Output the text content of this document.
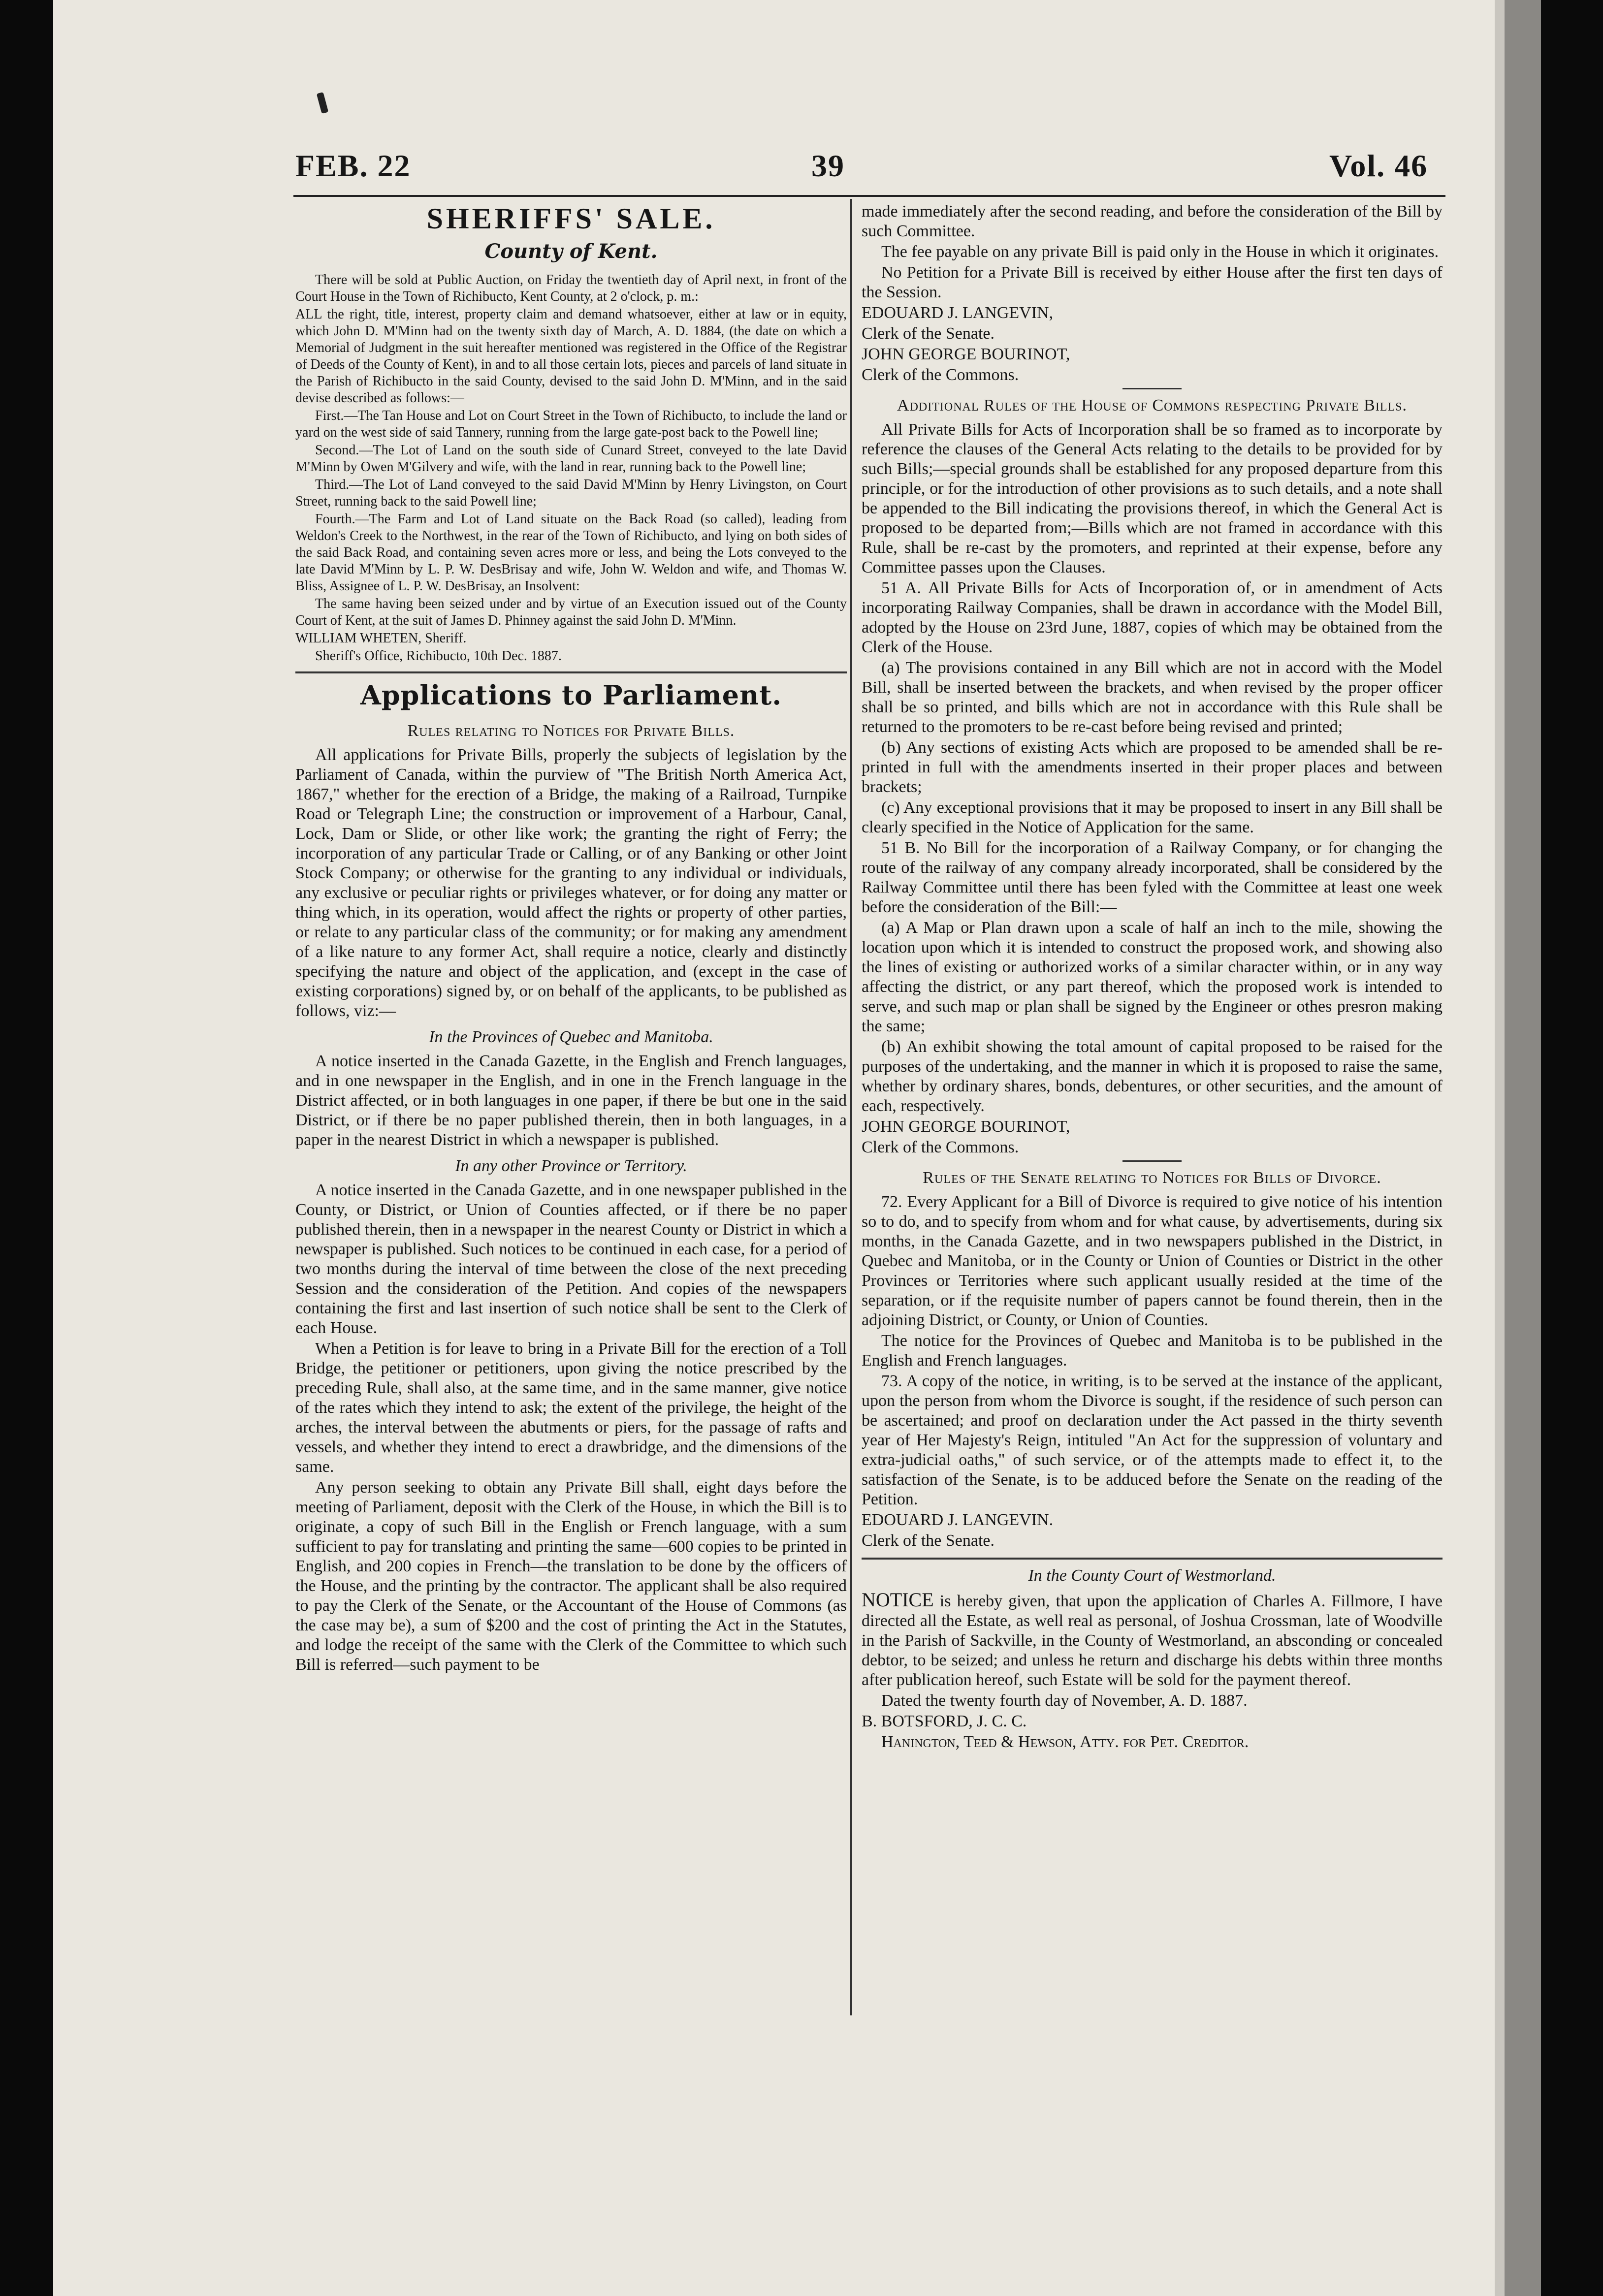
FEB. 22	39	Vol. 46
SHERIFFS' SALE.
County of Kent.

There will be sold at Public Auction, on Friday the twentieth day of April next, in front of the Court House in the Town of Richibucto, Kent County, at 2 o'clock, p. m.:

ALL the right, title, interest, property claim and demand whatsoever, either at law or in equity, which John D. M'Minn had on the twenty sixth day of March, A. D. 1884, (the date on which a Memorial of Judgment in the suit hereafter mentioned was registered in the Office of the Registrar of Deeds of the County of Kent), in and to all those certain lots, pieces and parcels of land situate in the Parish of Richibucto in the said County, devised to the said John D. M'Minn, and in the said devise described as follows:—

First.—The Tan House and Lot on Court Street in the Town of Richibucto, to include the land or yard on the west side of said Tannery, running from the large gate-post back to the Powell line;

Second.—The Lot of Land on the south side of Cunard Street, conveyed to the late David M'Minn by Owen M'Gilvery and wife, with the land in rear, running back to the Powell line;

Third.—The Lot of Land conveyed to the said David M'Minn by Henry Livingston, on Court Street, running back to the said Powell line;

Fourth.—The Farm and Lot of Land situate on the Back Road (so called), leading from Weldon's Creek to the Northwest, in the rear of the Town of Richibucto, and lying on both sides of the said Back Road, and containing seven acres more or less, and being the Lots conveyed to the late David M'Minn by L. P. W. DesBrisay and wife, John W. Weldon and wife, and Thomas W. Bliss, Assignee of L. P. W. DesBrisay, an Insolvent:

The same having been seized under and by virtue of an Execution issued out of the County Court of Kent, at the suit of James D. Phinney against the said John D. M'Minn.

WILLIAM WHETEN, Sheriff.

Sheriff's Office, Richibucto, 10th Dec. 1887.

Applications to Parliament.
Rules relating to Notices for Private Bills.

All applications for Private Bills, properly the subjects of legislation by the Parliament of Canada, within the purview of "The British North America Act, 1867," whether for the erection of a Bridge, the making of a Railroad, Turnpike Road or Telegraph Line; the construction or improvement of a Harbour, Canal, Lock, Dam or Slide, or other like work; the granting the right of Ferry; the incorporation of any particular Trade or Calling, or of any Banking or other Joint Stock Company; or otherwise for the granting to any individual or individuals, any exclusive or peculiar rights or privileges whatever, or for doing any matter or thing which, in its operation, would affect the rights or property of other parties, or relate to any particular class of the community; or for making any amendment of a like nature to any former Act, shall require a notice, clearly and distinctly specifying the nature and object of the application, and (except in the case of existing corporations) signed by, or on behalf of the applicants, to be published as follows, viz:—

In the Provinces of Quebec and Manitoba.

A notice inserted in the Canada Gazette, in the English and French languages, and in one newspaper in the English, and in one in the French language in the District affected, or in both languages in one paper, if there be but one in the said District, or if there be no paper published therein, then in both languages, in a paper in the nearest District in which a newspaper is published.

In any other Province or Territory.

A notice inserted in the Canada Gazette, and in one newspaper published in the County, or District, or Union of Counties affected, or if there be no paper published therein, then in a newspaper in the nearest County or District in which a newspaper is published. Such notices to be continued in each case, for a period of two months during the interval of time between the close of the next preceding Session and the consideration of the Petition. And copies of the newspapers containing the first and last insertion of such notice shall be sent to the Clerk of each House.

When a Petition is for leave to bring in a Private Bill for the erection of a Toll Bridge, the petitioner or petitioners, upon giving the notice prescribed by the preceding Rule, shall also, at the same time, and in the same manner, give notice of the rates which they intend to ask; the extent of the privilege, the height of the arches, the interval between the abutments or piers, for the passage of rafts and vessels, and whether they intend to erect a drawbridge, and the dimensions of the same.

Any person seeking to obtain any Private Bill shall, eight days before the meeting of Parliament, deposit with the Clerk of the House, in which the Bill is to originate, a copy of such Bill in the English or French language, with a sum sufficient to pay for translating and printing the same—600 copies to be printed in English, and 200 copies in French—the translation to be done by the officers of the House, and the printing by the contractor. The applicant shall be also required to pay the Clerk of the Senate, or the Accountant of the House of Commons (as the case may be), a sum of $200 and the cost of printing the Act in the Statutes, and lodge the receipt of the same with the Clerk of the Committee to which such Bill is referred—such payment to be

made immediately after the second reading, and before the consideration of the Bill by such Committee.

The fee payable on any private Bill is paid only in the House in which it originates.

No Petition for a Private Bill is received by either House after the first ten days of the Session.

EDOUARD J. LANGEVIN,

Clerk of the Senate.

JOHN GEORGE BOURINOT,

Clerk of the Commons.

Additional Rules of the House of Commons respecting Private Bills.

All Private Bills for Acts of Incorporation shall be so framed as to incorporate by reference the clauses of the General Acts relating to the details to be provided for by such Bills;—special grounds shall be established for any proposed departure from this principle, or for the introduction of other provisions as to such details, and a note shall be appended to the Bill indicating the provisions thereof, in which the General Act is proposed to be departed from;—Bills which are not framed in accordance with this Rule, shall be re-cast by the promoters, and reprinted at their expense, before any Committee passes upon the Clauses.

51 A. All Private Bills for Acts of Incorporation of, or in amendment of Acts incorporating Railway Companies, shall be drawn in accordance with the Model Bill, adopted by the House on 23rd June, 1887, copies of which may be obtained from the Clerk of the House.

(a) The provisions contained in any Bill which are not in accord with the Model Bill, shall be inserted between the brackets, and when revised by the proper officer shall be so printed, and bills which are not in accordance with this Rule shall be returned to the promoters to be re-cast before being revised and printed;

(b) Any sections of existing Acts which are proposed to be amended shall be re-printed in full with the amendments inserted in their proper places and between brackets;

(c) Any exceptional provisions that it may be proposed to insert in any Bill shall be clearly specified in the Notice of Application for the same.

51 B. No Bill for the incorporation of a Railway Company, or for changing the route of the railway of any company already incorporated, shall be considered by the Railway Committee until there has been fyled with the Committee at least one week before the consideration of the Bill:—

(a) A Map or Plan drawn upon a scale of half an inch to the mile, showing the location upon which it is intended to construct the proposed work, and showing also the lines of existing or authorized works of a similar character within, or in any way affecting the district, or any part thereof, which the proposed work is intended to serve, and such map or plan shall be signed by the Engineer or othes presron making the same;

(b) An exhibit showing the total amount of capital proposed to be raised for the purposes of the undertaking, and the manner in which it is proposed to raise the same, whether by ordinary shares, bonds, debentures, or other securities, and the amount of each, respectively.

JOHN GEORGE BOURINOT,

Clerk of the Commons.

Rules of the Senate relating to Notices for Bills of Divorce.

72. Every Applicant for a Bill of Divorce is required to give notice of his intention so to do, and to specify from whom and for what cause, by advertisements, during six months, in the Canada Gazette, and in two newspapers published in the District, in Quebec and Manitoba, or in the County or Union of Counties or District in the other Provinces or Territories where such applicant usually resided at the time of the separation, or if the requisite number of papers cannot be found therein, then in the adjoining District, or County, or Union of Counties.

The notice for the Provinces of Quebec and Manitoba is to be published in the English and French languages.

73. A copy of the notice, in writing, is to be served at the instance of the applicant, upon the person from whom the Divorce is sought, if the residence of such person can be ascertained; and proof on declaration under the Act passed in the thirty seventh year of Her Majesty's Reign, intituled "An Act for the suppression of voluntary and extra-judicial oaths," of such service, or of the attempts made to effect it, to the satisfaction of the Senate, is to be adduced before the Senate on the reading of the Petition.

EDOUARD J. LANGEVIN.

Clerk of the Senate.

In the County Court of Westmorland.

NOTICE is hereby given, that upon the application of Charles A. Fillmore, I have directed all the Estate, as well real as personal, of Joshua Crossman, late of Woodville in the Parish of Sackville, in the County of Westmorland, an absconding or concealed debtor, to be seized; and unless he return and discharge his debts within three months after publication hereof, such Estate will be sold for the payment thereof.

Dated the twenty fourth day of November, A. D. 1887.

B. BOTSFORD, J. C. C.

Hanington, Teed & Hewson, Atty. for Pet. Creditor.
